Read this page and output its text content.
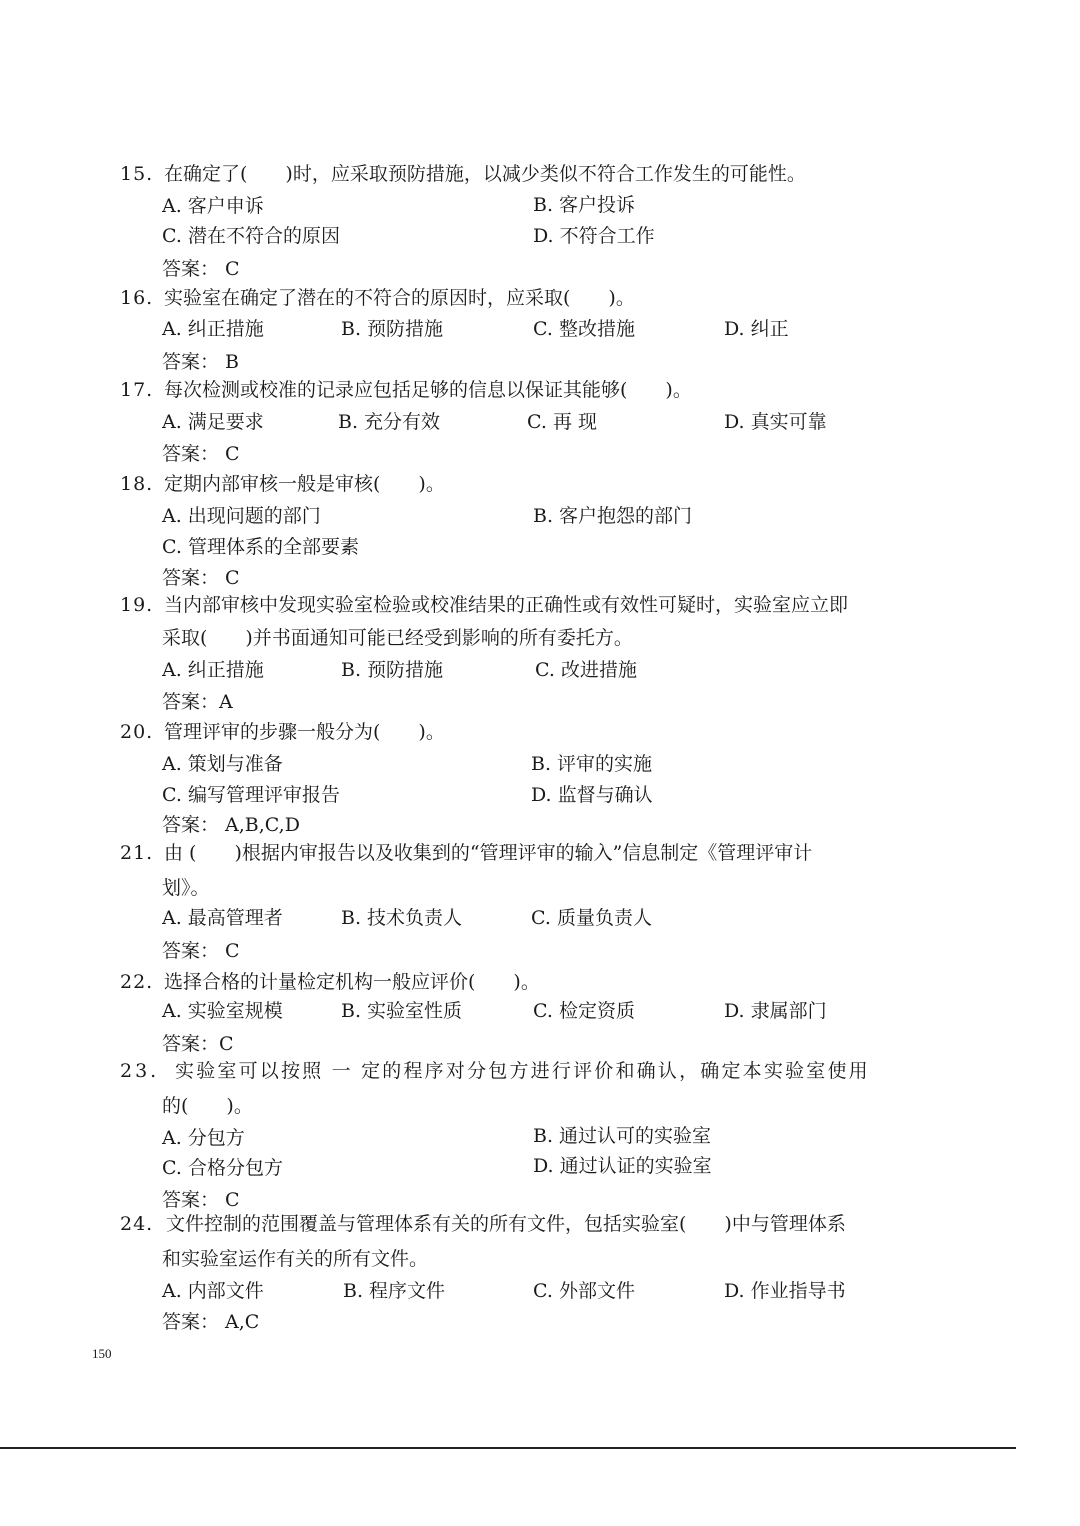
15. 在确定了(　　)时，应采取预防措施，以减少类似不符合工作发生的可能性。
A. 客户申诉	B. 客户投诉
C. 潜在不符合的原因	D. 不符合工作
答案： C
16. 实验室在确定了潜在的不符合的原因时，应采取(　　)。
A. 纠正措施	B. 预防措施	C. 整改措施	D. 纠正
答案： B
17. 每次检测或校准的记录应包括足够的信息以保证其能够(　　)。
A. 满足要求	B. 充分有效	C. 再 现	D. 真实可靠
答案： C
18. 定期内部审核一般是审核(　　)。
A. 出现问题的部门	B. 客户抱怨的部门
C. 管理体系的全部要素
答案： C
19. 当内部审核中发现实验室检验或校准结果的正确性或有效性可疑时，实验室应立即
采取(　　)并书面通知可能已经受到影响的所有委托方。
A. 纠正措施	B. 预防措施	C. 改进措施
答案：A
20. 管理评审的步骤一般分为(　　)。
A. 策划与准备	B. 评审的实施
C. 编写管理评审报告	D. 监督与确认
答案： A,B,C,D
21. 由 (　　)根据内审报告以及收集到的“管理评审的输入”信息制定《管理评审计
划》。
A. 最高管理者	B. 技术负责人	C. 质量负责人
答案： C
22. 选择合格的计量检定机构一般应评价(　　)。
A. 实验室规模	B. 实验室性质	C. 检定资质	D. 隶属部门
答案：C
23. 实验室可以按照 一 定的程序对分包方进行评价和确认，确定本实验室使用
的(　　)。
A. 分包方	B. 通过认可的实验室
C. 合格分包方	D. 通过认证的实验室
答案： C
24. 文件控制的范围覆盖与管理体系有关的所有文件，包括实验室(　　)中与管理体系
和实验室运作有关的所有文件。
A. 内部文件	B. 程序文件	C. 外部文件	D. 作业指导书
答案： A,C
150
